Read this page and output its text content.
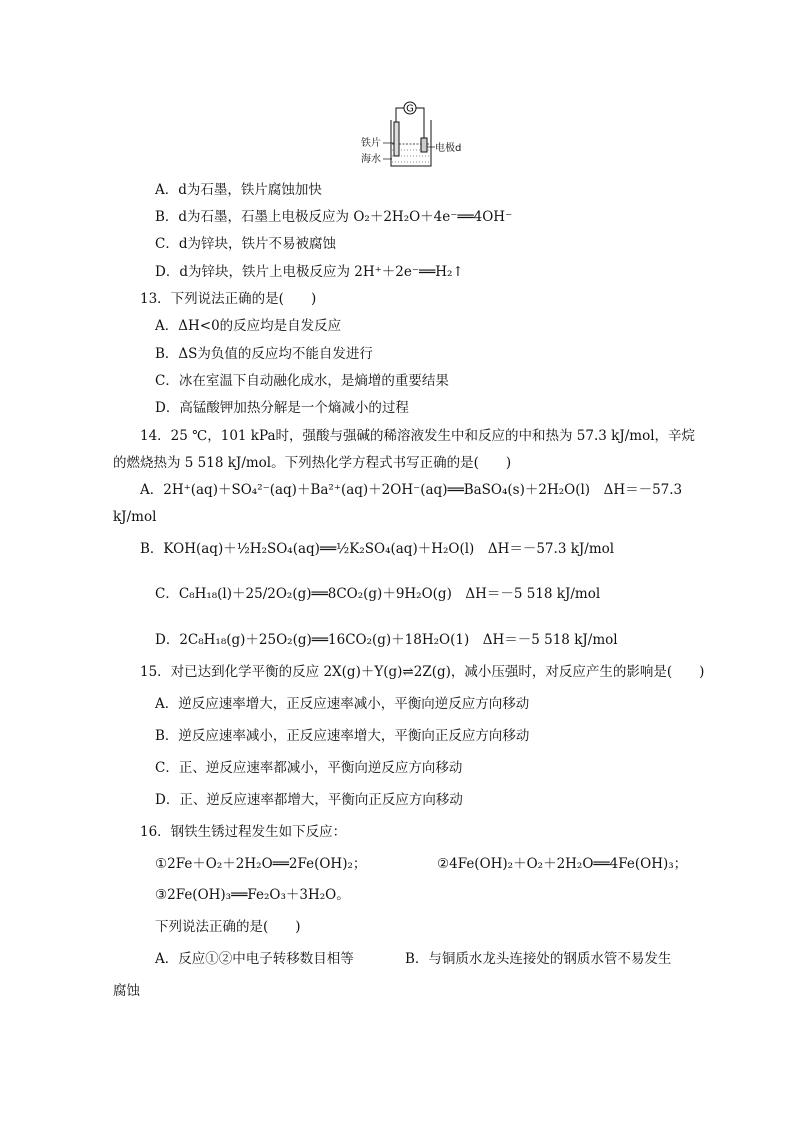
G
铁片
海水
电极d
A．d为石墨，铁片腐蚀加快
B．d为石墨，石墨上电极反应为 O₂＋2H₂O＋4e⁻══4OH⁻
C．d为锌块，铁片不易被腐蚀
D．d为锌块，铁片上电极反应为 2H⁺＋2e⁻══H₂↑
13．下列说法正确的是(　　)
A．ΔH<0的反应均是自发反应
B．ΔS为负值的反应均不能自发进行
C．冰在室温下自动融化成水，是熵增的重要结果
D．高锰酸钾加热分解是一个熵减小的过程
14．25 ℃，101 kPa时，强酸与强碱的稀溶液发生中和反应的中和热为 57.3 kJ/mol，辛烷
的燃烧热为 5 518 kJ/mol。下列热化学方程式书写正确的是(　　)
A．2H⁺(aq)＋SO₄²⁻(aq)＋Ba²⁺(aq)＋2OH⁻(aq)══BaSO₄(s)＋2H₂O(l)　ΔH＝－57.3
kJ/mol
B．KOH(aq)＋½H₂SO₄(aq)══½K₂SO₄(aq)＋H₂O(l)　ΔH＝－57.3 kJ/mol
C．C₈H₁₈(l)＋25/2O₂(g)══8CO₂(g)＋9H₂O(g)　ΔH＝－5 518 kJ/mol
D．2C₈H₁₈(g)＋25O₂(g)══16CO₂(g)＋18H₂O(1)　ΔH＝－5 518 kJ/mol
15．对已达到化学平衡的反应 2X(g)＋Y(g)⇌2Z(g)，减小压强时，对反应产生的影响是(　　)
A．逆反应速率增大，正反应速率减小，平衡向逆反应方向移动
B．逆反应速率减小，正反应速率增大，平衡向正反应方向移动
C．正、逆反应速率都减小，平衡向逆反应方向移动
D．正、逆反应速率都增大，平衡向正反应方向移动
16．钢铁生锈过程发生如下反应：
①2Fe＋O₂＋2H₂O══2Fe(OH)₂；	②4Fe(OH)₂＋O₂＋2H₂O══4Fe(OH)₃；
③2Fe(OH)₃══Fe₂O₃＋3H₂O。
下列说法正确的是(　　)
A．反应①②中电子转移数目相等	B．与铜质水龙头连接处的钢质水管不易发生
腐蚀
